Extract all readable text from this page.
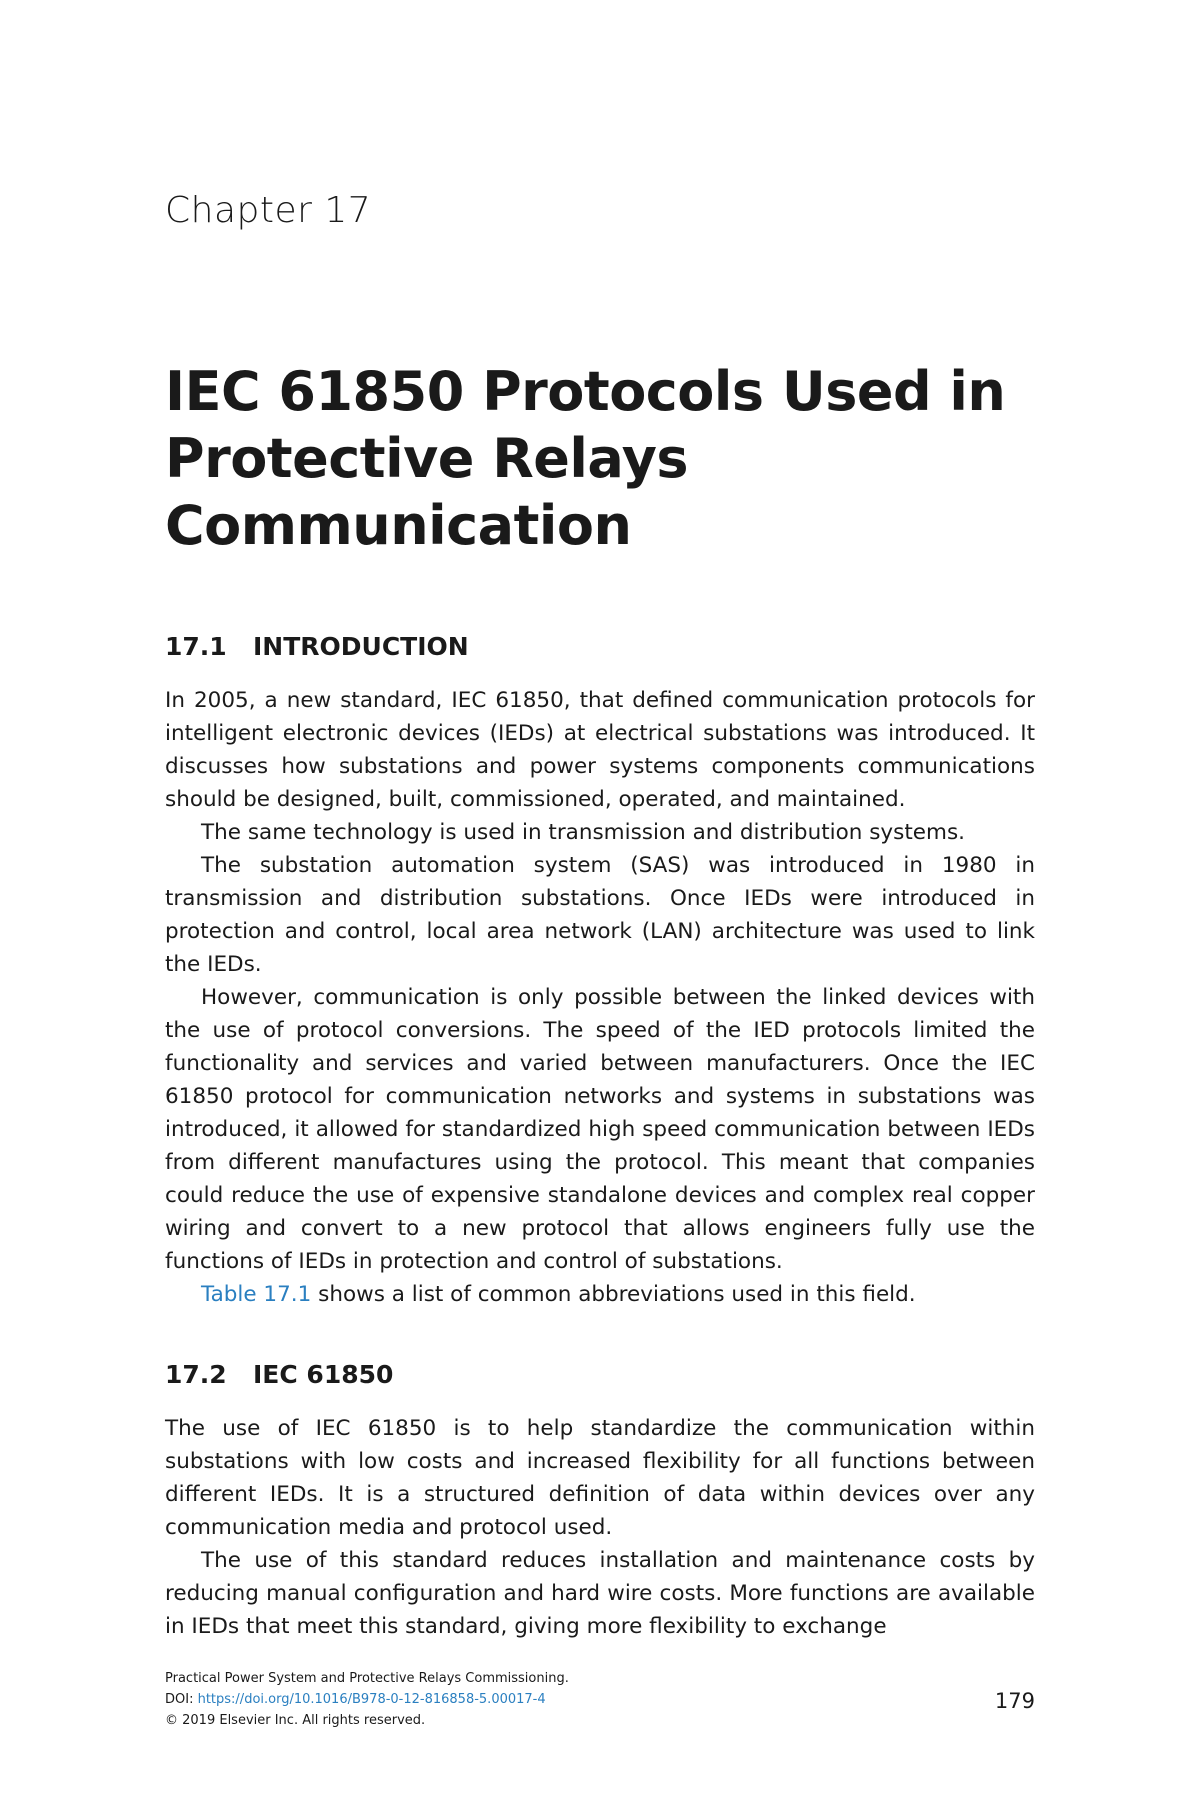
Chapter 17
IEC 61850 Protocols Used in Protective Relays Communication
17.1 INTRODUCTION

In 2005, a new standard, IEC 61850, that defined communication protocols for intelligent electronic devices (IEDs) at electrical substations was introduced. It discusses how substations and power systems components communications should be designed, built, commissioned, operated, and maintained.

The same technology is used in transmission and distribution systems.

The substation automation system (SAS) was introduced in 1980 in transmission and distribution substations. Once IEDs were introduced in protection and control, local area network (LAN) architecture was used to link the IEDs.

However, communication is only possible between the linked devices with the use of protocol conversions. The speed of the IED protocols limited the functionality and services and varied between manufacturers. Once the IEC 61850 protocol for communication networks and systems in substations was introduced, it allowed for standardized high speed communication between IEDs from different manufactures using the protocol. This meant that companies could reduce the use of expensive standalone devices and complex real copper wiring and convert to a new protocol that allows engineers fully use the functions of IEDs in protection and control of substations.

Table 17.1 shows a list of common abbreviations used in this field.

17.2 IEC 61850

The use of IEC 61850 is to help standardize the communication within substations with low costs and increased flexibility for all functions between different IEDs. It is a structured definition of data within devices over any communication media and protocol used.

The use of this standard reduces installation and maintenance costs by reducing manual configuration and hard wire costs. More functions are available in IEDs that meet this standard, giving more flexibility to exchange

Practical Power System and Protective Relays Commissioning.
DOI: https://doi.org/10.1016/B978-0-12-816858-5.00017-4
© 2019 Elsevier Inc. All rights reserved.
179
